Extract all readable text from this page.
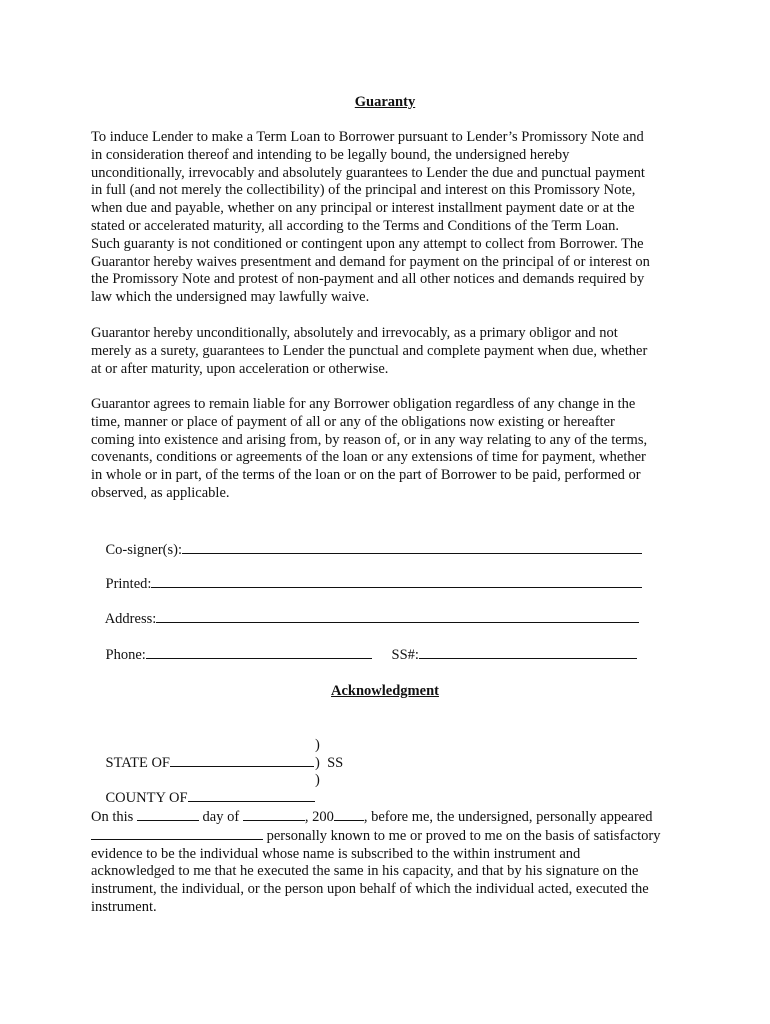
Guaranty
To induce Lender to make a Term Loan to Borrower pursuant to Lender’s Promissory Note and
in consideration thereof and intending to be legally bound, the undersigned hereby
unconditionally, irrevocably and absolutely guarantees to Lender the due and punctual payment
in full (and not merely the collectibility) of the principal and interest on this Promissory Note,
when due and payable, whether on any principal or interest installment payment date or at the
stated or accelerated maturity, all according to the Terms and Conditions of the Term Loan.
Such guaranty is not conditioned or contingent upon any attempt to collect from Borrower. The
Guarantor hereby waives presentment and demand for payment on the principal of or interest on
the Promissory Note and protest of non-payment and all other notices and demands required by
law which the undersigned may lawfully waive.
Guarantor hereby unconditionally, absolutely and irrevocably, as a primary obligor and not
merely as a surety, guarantees to Lender the punctual and complete payment when due, whether
at or after maturity, upon acceleration or otherwise.
Guarantor agrees to remain liable for any Borrower obligation regardless of any change in the
time, manner or place of payment of all or any of the obligations now existing or hereafter
coming into existence and arising from, by reason of, or in any way relating to any of the terms,
covenants, conditions or agreements of the loan or any extensions of time for payment, whether
in whole or in part, of the terms of the loan or on the part of Borrower to be paid, performed or
observed, as applicable.

Co-signer(s):

Printed:

Address:

Phone:
	SS#:

Acknowledgment

STATE OF

)
)  SS

COUNTY OF

)
On this	day of	, 200 , before me, the undersigned, personally appeared
personally known to me or proved to me on the basis of satisfactory
evidence to be the individual whose name is subscribed to the within instrument and
acknowledged to me that he executed the same in his capacity, and that by his signature on the
instrument, the individual, or the person upon behalf of which the individual acted, executed the
instrument.
